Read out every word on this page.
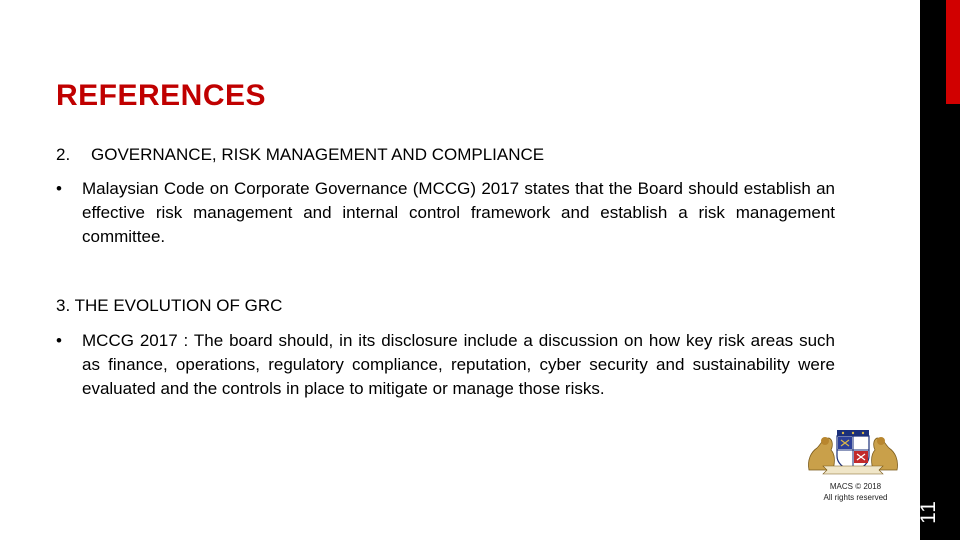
11
REFERENCES
2. GOVERNANCE, RISK MANAGEMENT AND COMPLIANCE

•	Malaysian Code on Corporate Governance (MCCG) 2017 states that the Board should establish an effective risk management and internal control framework and establish a risk management committee.

3. THE EVOLUTION OF GRC

•	MCCG 2017 : The board should, in its disclosure include a discussion on how key risk areas such as finance, operations, regulatory compliance, reputation, cyber security and sustainability were evaluated and the controls in place to mitigate or manage those risks.

MACS © 2018
All rights reserved
